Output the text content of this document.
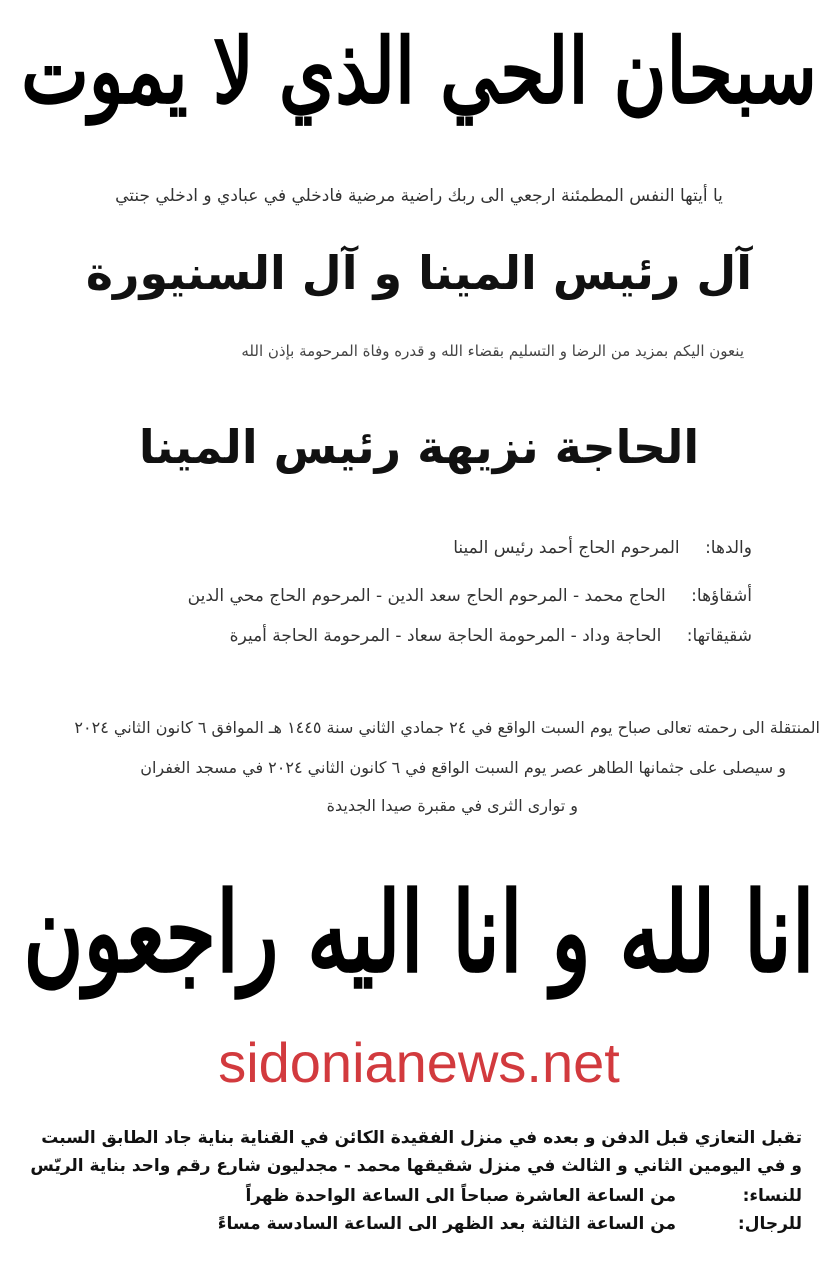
سبحان الحي الذي لا يموت
يا أيتها النفس المطمئنة ارجعي الى ربك راضية مرضية فادخلي في عبادي و ادخلي جنتي
آل رئيس المينا و آل السنيورة
ينعون اليكم بمزيد من الرضا و التسليم بقضاء الله و قدره وفاة المرحومة بإذن الله
الحاجة نزيهة رئيس المينا
والدها: المرحوم الحاج أحمد رئيس المينا
أشقاؤها: الحاج محمد - المرحوم الحاج سعد الدين - المرحوم الحاج محي الدين
شقيقاتها: الحاجة وداد - المرحومة الحاجة سعاد - المرحومة الحاجة أميرة
المنتقلة الى رحمته تعالى صباح يوم السبت الواقع في ٢٤ جمادي الثاني سنة ١٤٤٥ هـ الموافق ٦ كانون الثاني ٢٠٢٤
و سيصلى على جثمانها الطاهر عصر يوم السبت الواقع في ٦ كانون الثاني ٢٠٢٤ في مسجد الغفران
و توارى الثرى في مقبرة صيدا الجديدة
انا لله و انا اليه راجعون
sidonianews.net
تقبل التعازي قبل الدفن و بعده في منزل الفقيدة الكائن في القناية بناية جاد الطابق السبت
و في اليومين الثاني و الثالث في منزل شقيقها محمد - مجدليون شارع رقم واحد بناية الريّس
للنساء: من الساعة العاشرة صباحاً الى الساعة الواحدة ظهراً
للرجال: من الساعة الثالثة بعد الظهر الى الساعة السادسة مساءً
